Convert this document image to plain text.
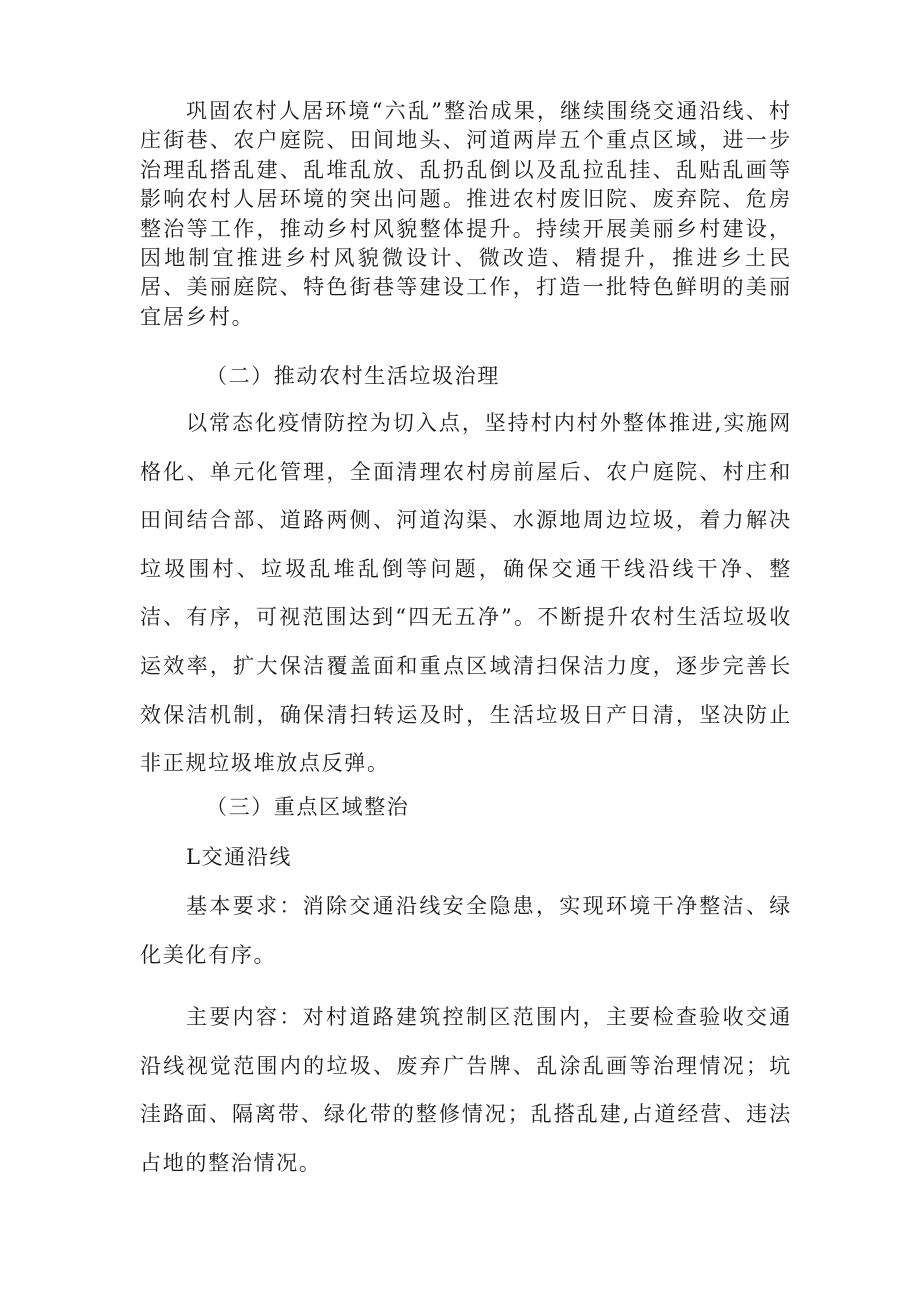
巩固农村人居环境“六乱”整治成果，继续围绕交通沿线、村庄街巷、农户庭院、田间地头、河道两岸五个重点区域，进一步治理乱搭乱建、乱堆乱放、乱扔乱倒以及乱拉乱挂、乱贴乱画等影响农村人居环境的突出问题。推进农村废旧院、废弃院、危房整治等工作，推动乡村风貌整体提升。持续开展美丽乡村建设，因地制宜推进乡村风貌微设计、微改造、精提升，推进乡土民居、美丽庭院、特色街巷等建设工作，打造一批特色鲜明的美丽宜居乡村。

（二）推动农村生活垃圾治理

以常态化疫情防控为切入点，坚持村内村外整体推进,实施网格化、单元化管理，全面清理农村房前屋后、农户庭院、村庄和田间结合部、道路两侧、河道沟渠、水源地周边垃圾，着力解决垃圾围村、垃圾乱堆乱倒等问题，确保交通干线沿线干净、整洁、有序，可视范围达到“四无五净”。不断提升农村生活垃圾收运效率，扩大保洁覆盖面和重点区域清扫保洁力度，逐步完善长效保洁机制，确保清扫转运及时，生活垃圾日产日清，坚决防止非正规垃圾堆放点反弹。

（三）重点区域整治
L交通沿线

基本要求：消除交通沿线安全隐患，实现环境干净整洁、绿化美化有序。

主要内容：对村道路建筑控制区范围内，主要检查验收交通沿线视觉范围内的垃圾、废弃广告牌、乱涂乱画等治理情况；坑洼路面、隔离带、绿化带的整修情况；乱搭乱建,占道经营、违法占地的整治情况。
